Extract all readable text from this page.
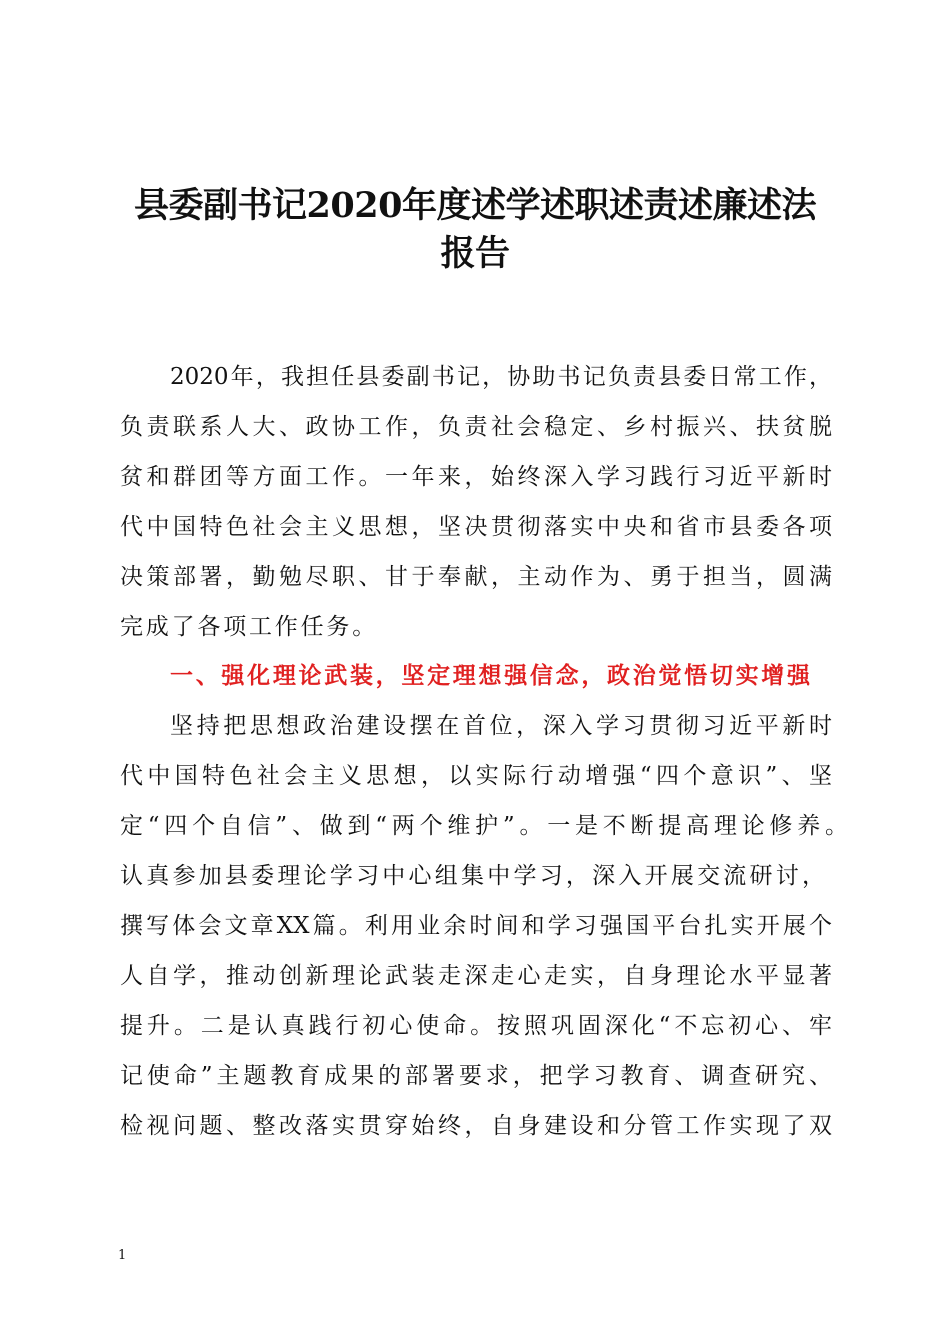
县委副书记2020年度述学述职述责述廉述法
报告
2020年，我担任县委副书记，协助书记负责县委日常工作，
负责联系人大、政协工作，负责社会稳定、乡村振兴、扶贫脱
贫和群团等方面工作。一年来，始终深入学习践行习近平新时
代中国特色社会主义思想，坚决贯彻落实中央和省市县委各项
决策部署，勤勉尽职、甘于奉献，主动作为、勇于担当，圆满
完成了各项工作任务。
一、强化理论武装，坚定理想强信念，政治觉悟切实增强
坚持把思想政治建设摆在首位，深入学习贯彻习近平新时
代中国特色社会主义思想，以实际行动增强“四个意识”、坚
定“四个自信”、做到“两个维护”。一是不断提高理论修养。
认真参加县委理论学习中心组集中学习，深入开展交流研讨，
撰写体会文章XX篇。利用业余时间和学习强国平台扎实开展个
人自学，推动创新理论武装走深走心走实，自身理论水平显著
提升。二是认真践行初心使命。按照巩固深化“不忘初心、牢
记使命”主题教育成果的部署要求，把学习教育、调查研究、
检视问题、整改落实贯穿始终，自身建设和分管工作实现了双
1
